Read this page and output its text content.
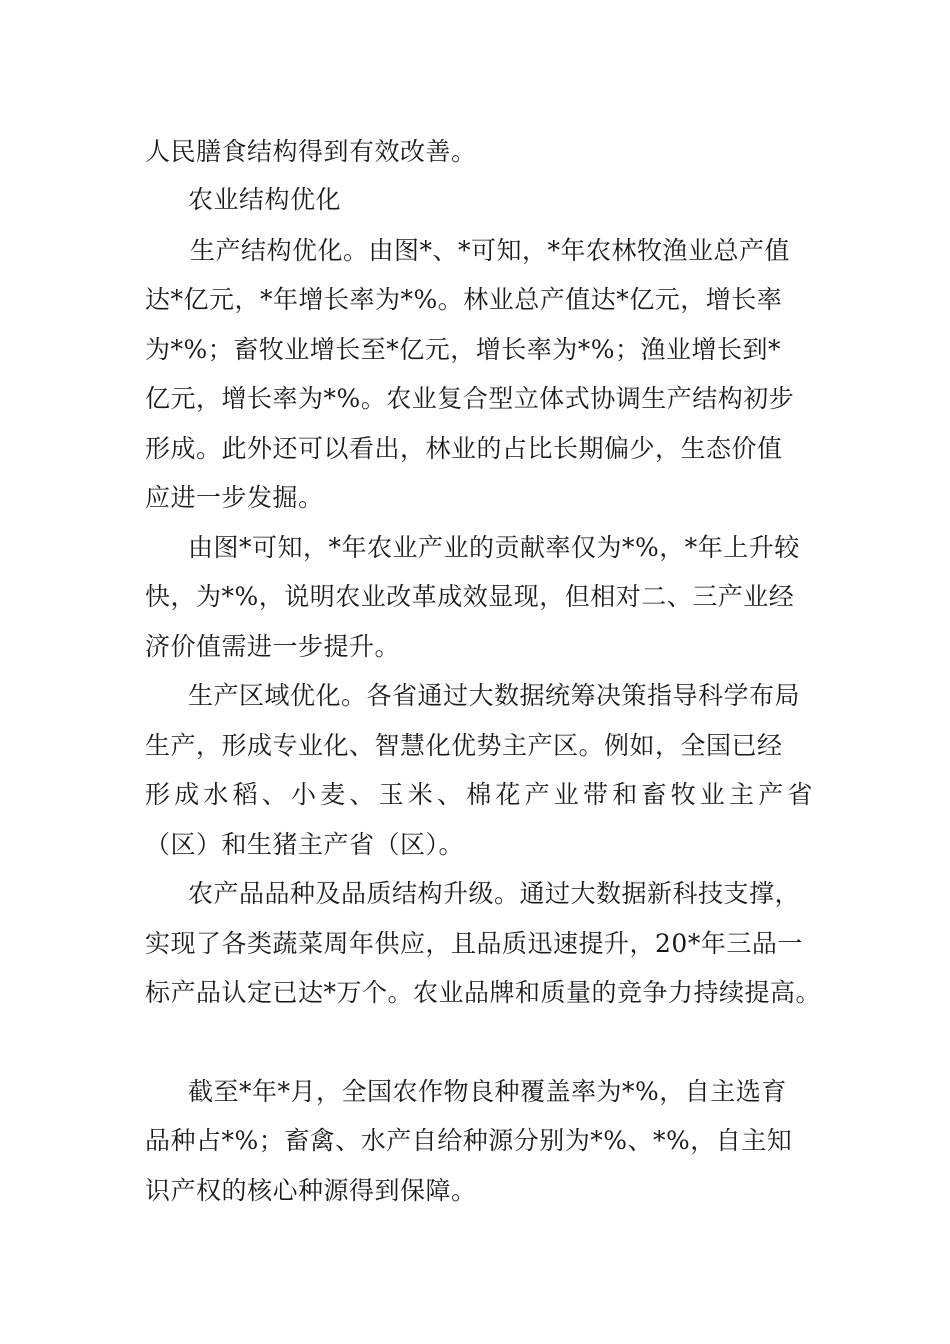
人民膳食结构得到有效改善。
农业结构优化
生产结构优化。由图*、*可知，*年农林牧渔业总产值
达*亿元，*年增长率为*%。林业总产值达*亿元，增长率
为*%；畜牧业增长至*亿元，增长率为*%；渔业增长到*
亿元，增长率为*%。农业复合型立体式协调生产结构初步
形成。此外还可以看出，林业的占比长期偏少，生态价值
应进一步发掘。
由图*可知，*年农业产业的贡献率仅为*%，*年上升较
快，为*%，说明农业改革成效显现，但相对二、三产业经
济价值需进一步提升。
生产区域优化。各省通过大数据统筹决策指导科学布局
生产，形成专业化、智慧化优势主产区。例如，全国已经
形成水稻、小麦、玉米、棉花产业带和畜牧业主产省
（区）和生猪主产省（区）。
农产品品种及品质结构升级。通过大数据新科技支撑，
实现了各类蔬菜周年供应，且品质迅速提升，20*年三品一
标产品认定已达*万个。农业品牌和质量的竞争力持续提高。
截至*年*月，全国农作物良种覆盖率为*%，自主选育
品种占*%；畜禽、水产自给种源分别为*%、*%，自主知
识产权的核心种源得到保障。
